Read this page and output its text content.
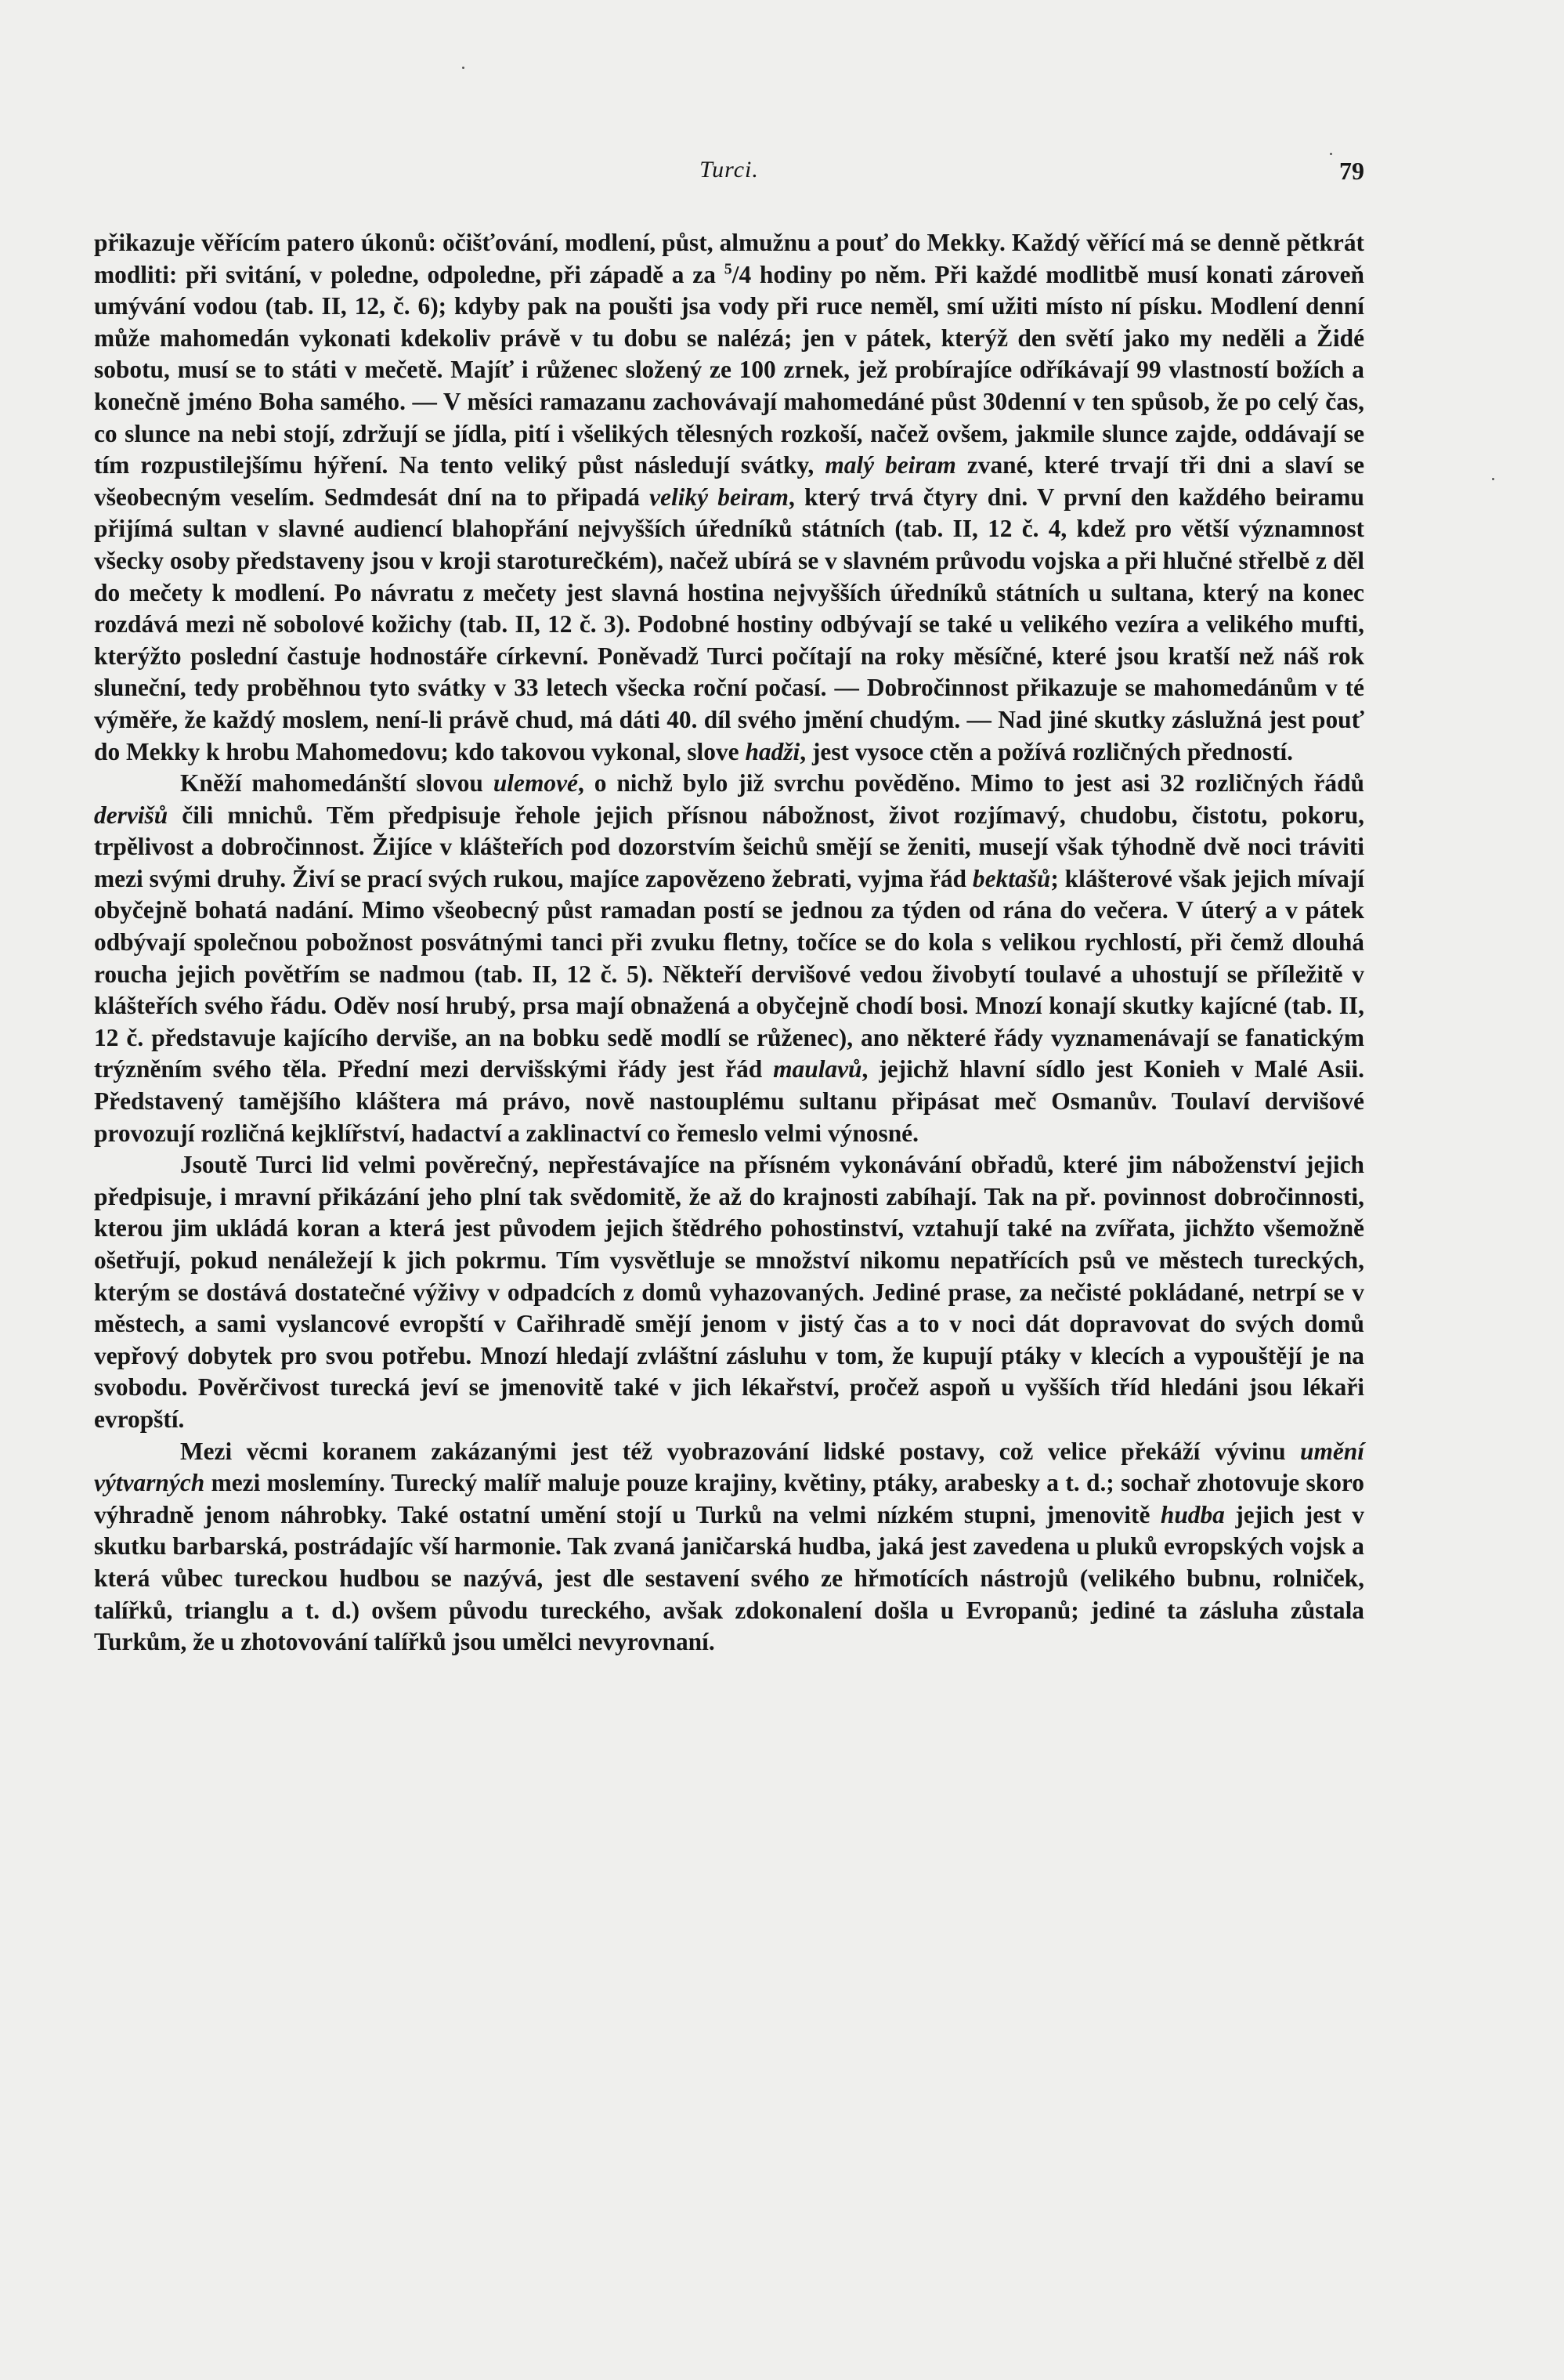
Turci.	79

přikazuje věřícím patero úkonů: očišťování, modlení, půst, almužnu a pouť do Mekky. Každý věřící má se denně pětkrát modliti: při svitání, v poledne, odpoledne, při západě a za $^5$/4 hodiny po něm. Při každé modlitbě musí konati zároveň umývání vodou (tab. II, 12, č. 6); kdyby pak na poušti jsa vody při ruce neměl, smí užiti místo ní písku. Modlení denní může mahomedán vykonati kdekoliv právě v tu dobu se nalézá; jen v pátek, kterýž den světí jako my neděli a Židé sobotu, musí se to státi v mečetě. Majíť i růženec složený ze 100 zrnek, jež probírajíce odříkávají 99 vlastností božích a konečně jméno Boha samého. — V měsíci ramazanu zachovávají mahomedáné půst 30denní v ten spůsob, že po celý čas, co slunce na nebi stojí, zdržují se jídla, pití i všelikých tělesných rozkoší, načež ovšem, jakmile slunce zajde, oddávají se tím rozpustilejšímu hýření. Na tento veliký půst následují svátky, malý beiram zvané, které trvají tři dni a slaví se všeobecným veselím. Sedmdesát dní na to připadá veliký beiram, který trvá čtyry dni. V první den každého beiramu přijímá sultan v slavné audiencí blahopřání nejvyšších úředníků státních (tab. II, 12 č. 4, kdež pro větší významnost všecky osoby představeny jsou v kroji staroturečkém), načež ubírá se v slavném průvodu vojska a při hlučné střelbě z děl do mečety k modlení. Po návratu z mečety jest slavná hostina nejvyšších úředníků státních u sultana, který na konec rozdává mezi ně sobolové kožichy (tab. II, 12 č. 3). Podobné hostiny odbývají se také u velikého vezíra a velikého mufti, kterýžto poslední častuje hodnostáře církevní. Poněvadž Turci počítají na roky měsíčné, které jsou kratší než náš rok sluneční, tedy proběhnou tyto svátky v 33 letech všecka roční počasí. — Dobročinnost přikazuje se mahomedánům v té výměře, že každý moslem, není-li právě chud, má dáti 40. díl svého jmění chudým. — Nad jiné skutky záslužná jest pouť do Mekky k hrobu Mahomedovu; kdo takovou vykonal, slove hadži, jest vysoce ctěn a požívá rozličných předností.

Kněží mahomedánští slovou ulemové, o nichž bylo již svrchu pověděno. Mimo to jest asi 32 rozličných řádů dervišů čili mnichů. Těm předpisuje řehole jejich přísnou nábožnost, život rozjímavý, chudobu, čistotu, pokoru, trpělivost a dobročinnost. Žijíce v klášteřích pod dozorstvím šeichů smějí se ženiti, musejí však týhodně dvě noci tráviti mezi svými druhy. Živí se prací svých rukou, majíce zapovězeno žebrati, vyjma řád bektašů; klášterové však jejich mívají obyčejně bohatá nadání. Mimo všeobecný půst ramadan postí se jednou za týden od rána do večera. V úterý a v pátek odbývají společnou pobožnost posvátnými tanci při zvuku fletny, točíce se do kola s velikou rychlostí, při čemž dlouhá roucha jejich povětřím se nadmou (tab. II, 12 č. 5). Někteří dervišové vedou živobytí toulavé a uhostují se příležitě v klášteřích svého řádu. Oděv nosí hrubý, prsa mají obnažená a obyčejně chodí bosi. Mnozí konají skutky kajícné (tab. II, 12 č. představuje kajícího derviše, an na bobku sedě modlí se růženec), ano některé řády vyznamenávají se fanatickým trýzněním svého těla. Přední mezi dervišskými řády jest řád maulavů, jejichž hlavní sídlo jest Konieh v Malé Asii. Představený tamějšího kláštera má právo, nově nastouplému sultanu připásat meč Osmanův. Toulaví dervišové provozují rozličná kejklířství, hadactví a zaklinactví co řemeslo velmi výnosné.

Jsoutě Turci lid velmi pověrečný, nepřestávajíce na přísném vykonávání obřadů, které jim náboženství jejich předpisuje, i mravní přikázání jeho plní tak svědomitě, že až do krajnosti zabíhají. Tak na př. povinnost dobročinnosti, kterou jim ukládá koran a která jest původem jejich štědrého pohostinství, vztahují také na zvířata, jichžto všemožně ošetřují, pokud nenáležejí k jich pokrmu. Tím vysvětluje se množství nikomu nepatřících psů ve městech tureckých, kterým se dostává dostatečné výživy v odpadcích z domů vyhazovaných. Jediné prase, za nečisté pokládané, netrpí se v městech, a sami vyslancové evropští v Cařihradě smějí jenom v jistý čas a to v noci dát dopravovat do svých domů vepřový dobytek pro svou potřebu. Mnozí hledají zvláštní zásluhu v tom, že kupují ptáky v klecích a vypouštějí je na svobodu. Pověrčivost turecká jeví se jmenovitě také v jich lékařství, pročež aspoň u vyšších tříd hledáni jsou lékaři evropští.

Mezi věcmi koranem zakázanými jest též vyobrazování lidské postavy, což velice překáží vývinu umění výtvarných mezi moslemíny. Turecký malíř maluje pouze krajiny, květiny, ptáky, arabesky a t. d.; sochař zhotovuje skoro výhradně jenom náhrobky. Také ostatní umění stojí u Turků na velmi nízkém stupni, jmenovitě hudba jejich jest v skutku barbarská, postrádajíc vší harmonie. Tak zvaná janičarská hudba, jaká jest zavedena u pluků evropských vojsk a která vůbec tureckou hudbou se nazývá, jest dle sestavení svého ze hřmotících nástrojů (velikého bubnu, rolniček, talířků, trianglu a t. d.) ovšem původu tureckého, avšak zdokonalení došla u Evropanů; jediné ta zásluha zůstala Turkům, že u zhotovování talířků jsou umělci nevyrovnaní.
